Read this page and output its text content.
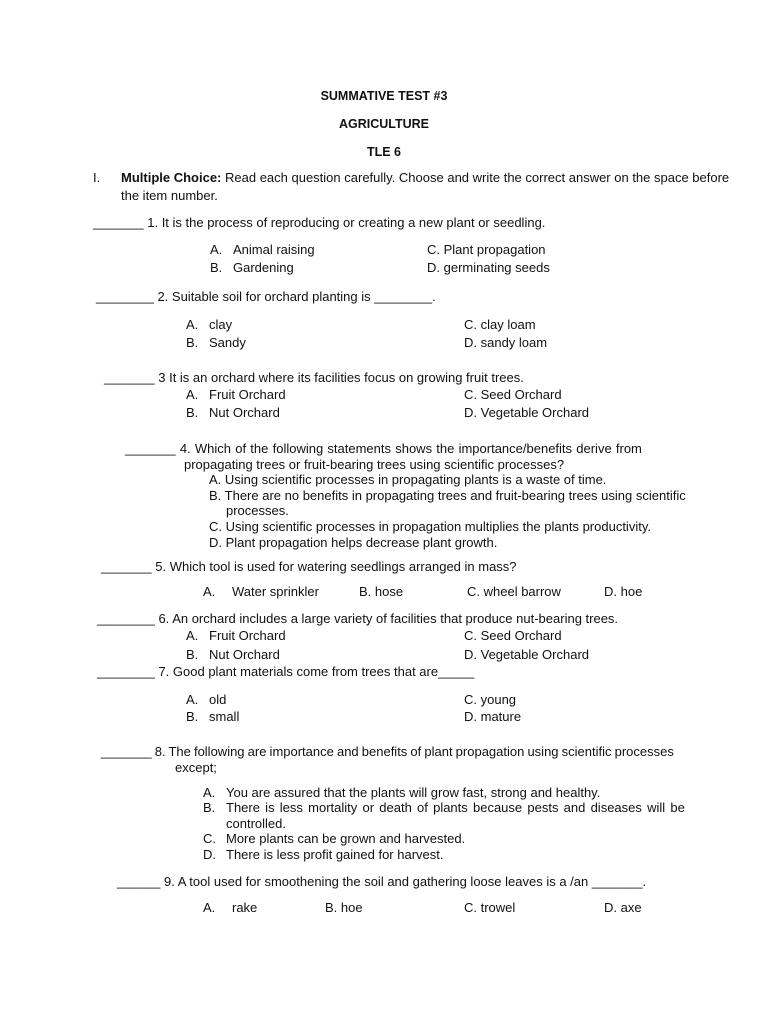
SUMMATIVE TEST #3
AGRICULTURE
TLE 6
I. Multiple Choice: Read each question carefully. Choose and write the correct answer on the space before
the item number.
_______ 1. It is the process of reproducing or creating a new plant or seedling.
A. Animal raising
B. Gardening
C. Plant propagation
D. germinating seeds
________ 2. Suitable soil for orchard planting is ________.
A. clay
B. Sandy
C. clay loam
D. sandy loam
_______ 3 It is an orchard where its facilities focus on growing fruit trees.
A. Fruit Orchard
B. Nut Orchard
C. Seed Orchard
D. Vegetable Orchard
_______  4.  Which  of  the  following  statements  shows  the  importance/benefits  derive  from
propagating trees or fruit-bearing trees using scientific processes?
A. Using scientific processes in propagating plants is a waste of time.
B. There are no benefits in propagating trees and fruit-bearing trees using scientific
processes.
C. Using scientific processes in propagation multiplies the plants productivity.
D. Plant propagation helps decrease plant growth.
_______ 5. Which tool is used for watering seedlings arranged in mass?
A. Water sprinkler	B. hose	C. wheel barrow	D. hoe
________ 6. An orchard includes a large variety of facilities that produce nut-bearing trees.
A. Fruit Orchard
B. Nut Orchard
C. Seed Orchard
D. Vegetable Orchard
________ 7. Good plant materials come from trees that are_____
A. old
B. small
C. young
D. mature
_______ 8. The following are importance and benefits of plant propagation using scientific processes
except;
A. You are assured that the plants will grow fast, strong and healthy.
B. There  is  less  mortality  or  death  of  plants  because  pests  and  diseases  will  be
controlled.
C. More plants can be grown and harvested.
D. There is less profit gained for harvest.
______ 9. A tool used for smoothening the soil and gathering loose leaves is a /an _______.
A. rake	B. hoe	C. trowel	D. axe
